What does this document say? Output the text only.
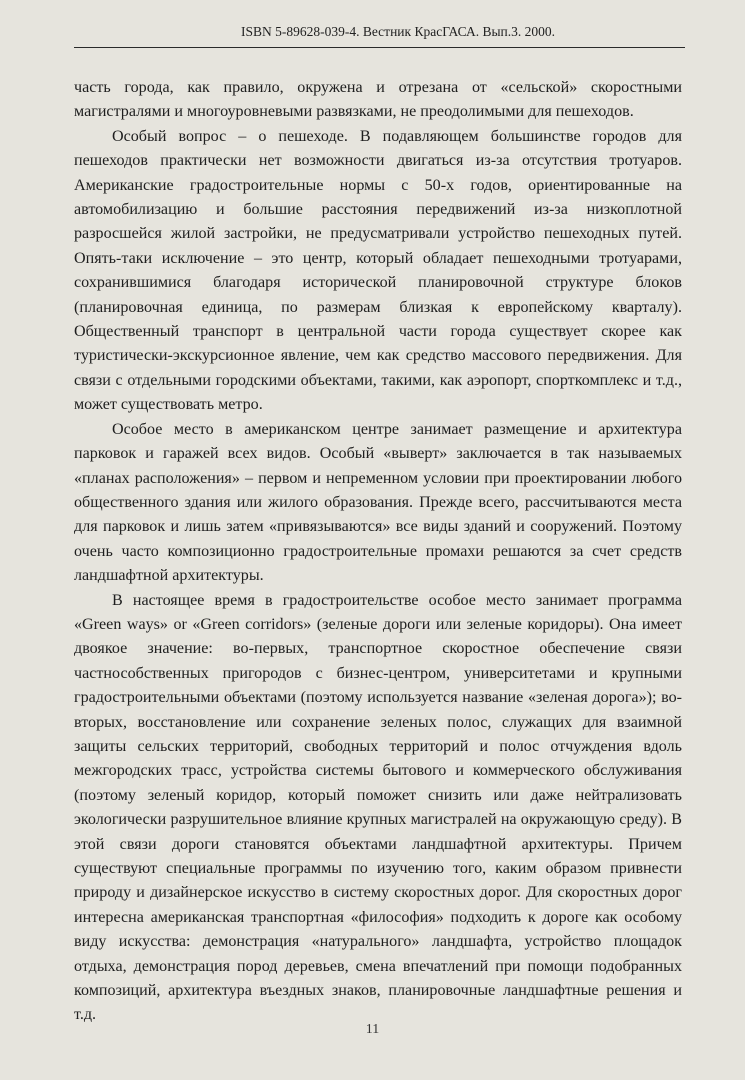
ISBN 5-89628-039-4. Вестник КрасГАСА. Вып.3. 2000.

часть города, как правило, окружена и отрезана от «сельской» скоростными магистралями и многоуровневыми развязками, не преодолимыми для пешеходов.

Особый вопрос – о пешеходе. В подавляющем большинстве городов для пешеходов практически нет возможности двигаться из-за отсутствия тротуаров. Американские градостроительные нормы с 50-х годов, ориентированные на автомобилизацию и большие расстояния передвижений из-за низкоплотной разросшейся жилой застройки, не предусматривали устройство пешеходных путей. Опять-таки исключение – это центр, который обладает пешеходными тротуарами, сохранившимися благодаря исторической планировочной структуре блоков (планировочная единица, по размерам близкая к европейскому кварталу). Общественный транспорт в центральной части города существует скорее как туристически-экскурсионное явление, чем как средство массового передвижения. Для связи с отдельными городскими объектами, такими, как аэропорт, спорткомплекс и т.д., может существовать метро.

Особое место в американском центре занимает размещение и архитектура парковок и гаражей всех видов. Особый «выверт» заключается в так называемых «планах расположения» – первом и непременном условии при проектировании любого общественного здания или жилого образования. Прежде всего, рассчитываются места для парковок и лишь затем «привязываются» все виды зданий и сооружений. Поэтому очень часто композиционно градостроительные промахи решаются за счет средств ландшафтной архитектуры.

В настоящее время в градостроительстве особое место занимает программа «Green ways» or «Green corridors» (зеленые дороги или зеленые коридоры). Она имеет двоякое значение: во-первых, транспортное скоростное обеспечение связи частнособственных пригородов с бизнес-центром, университетами и крупными градостроительными объектами (поэтому используется название «зеленая дорога»); во-вторых, восстановление или сохранение зеленых полос, служащих для взаимной защиты сельских территорий, свободных территорий и полос отчуждения вдоль межгородских трасс, устройства системы бытового и коммерческого обслуживания (поэтому зеленый коридор, который поможет снизить или даже нейтрализовать экологически разрушительное влияние крупных магистралей на окружающую среду). В этой связи дороги становятся объектами ландшафтной архитектуры. Причем существуют специальные программы по изучению того, каким образом привнести природу и дизайнерское искусство в систему скоростных дорог. Для скоростных дорог интересна американская транспортная «философия» подходить к дороге как особому виду искусства: демонстрация «натурального» ландшафта, устройство площадок отдыха, демонстрация пород деревьев, смена впечатлений при помощи подобранных композиций, архитектура въездных знаков, планировочные ландшафтные решения и т.д.

11
